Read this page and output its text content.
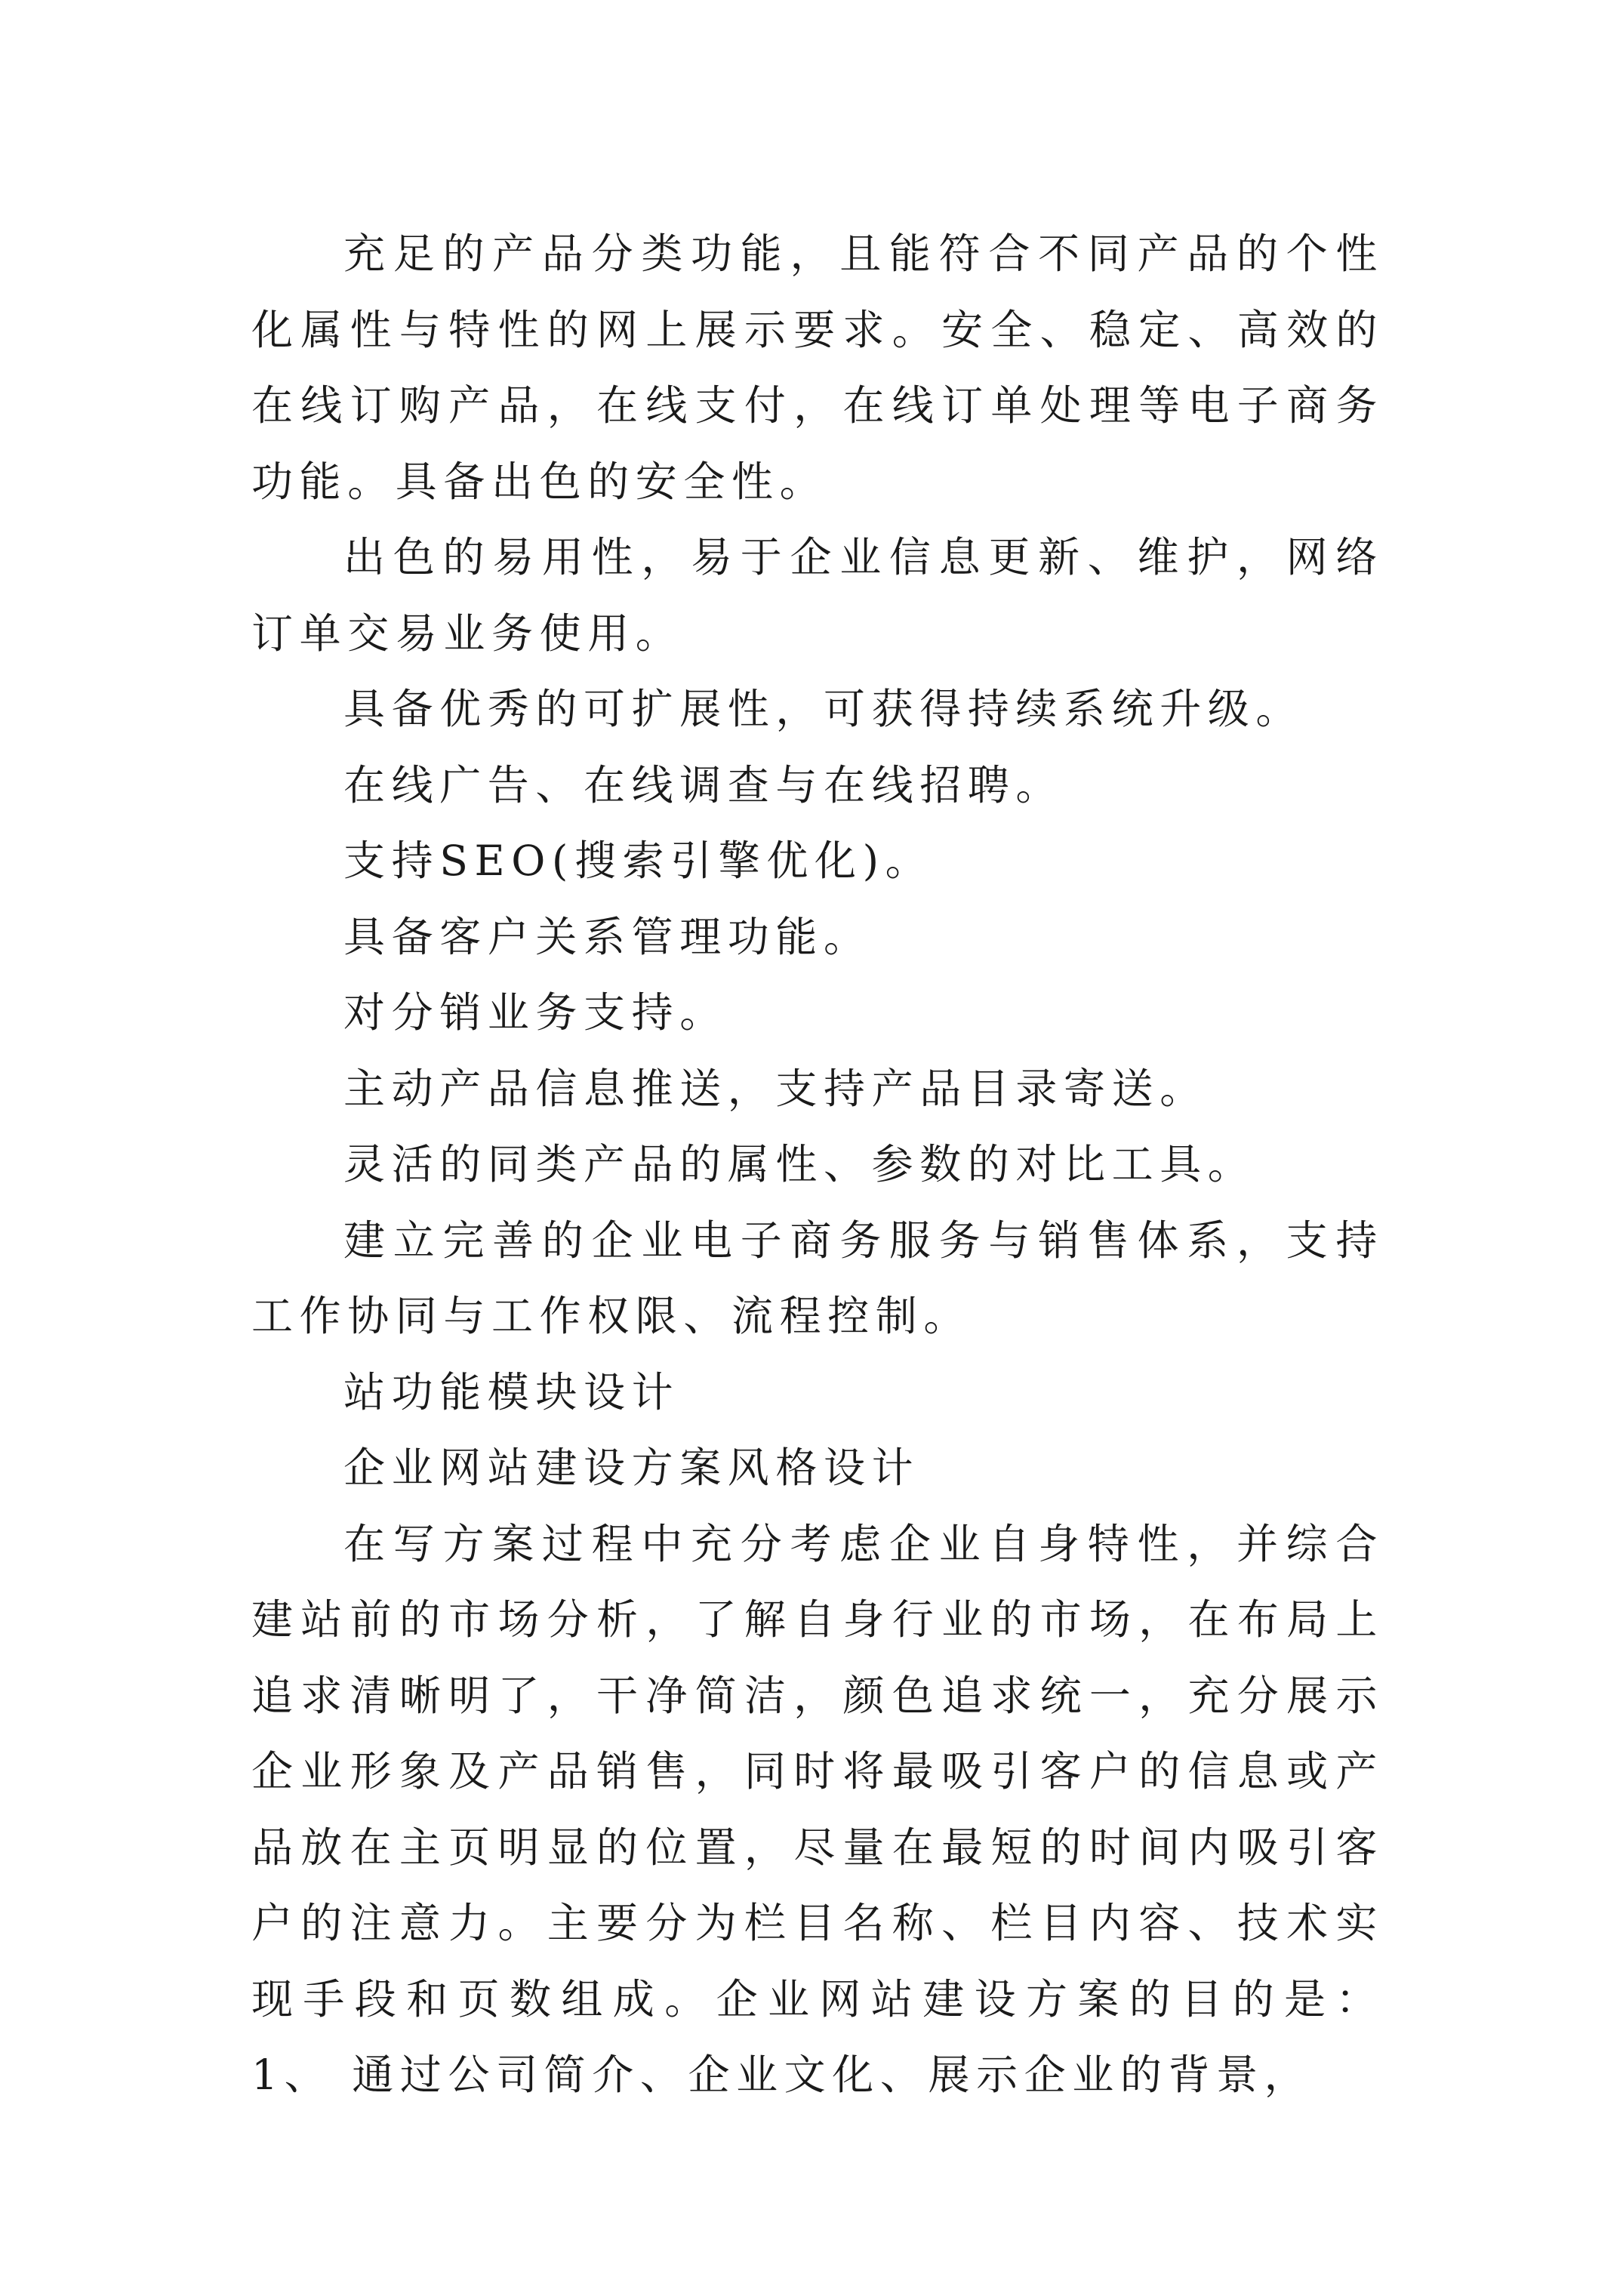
充足的产品分类功能，且能符合不同产品的个性化属性与特性的网上展示要求。安全、稳定、高效的在线订购产品，在线支付，在线订单处理等电子商务功能。具备出色的安全性。

出色的易用性，易于企业信息更新、维护，网络订单交易业务使用。

具备优秀的可扩展性，可获得持续系统升级。

在线广告、在线调查与在线招聘。

支持SEO(搜索引擎优化)。

具备客户关系管理功能。

对分销业务支持。

主动产品信息推送，支持产品目录寄送。

灵活的同类产品的属性、参数的对比工具。

建立完善的企业电子商务服务与销售体系，支持工作协同与工作权限、流程控制。

站功能模块设计

企业网站建设方案风格设计

在写方案过程中充分考虑企业自身特性，并综合建站前的市场分析，了解自身行业的市场，在布局上追求清晰明了，干净简洁，颜色追求统一，充分展示企业形象及产品销售，同时将最吸引客户的信息或产品放在主页明显的位置，尽量在最短的时间内吸引客户的注意力。主要分为栏目名称、栏目内容、技术实现手段和页数组成。企业网站建设方案的目的是： 1、 通过公司简介、企业文化、展示企业的背景，
